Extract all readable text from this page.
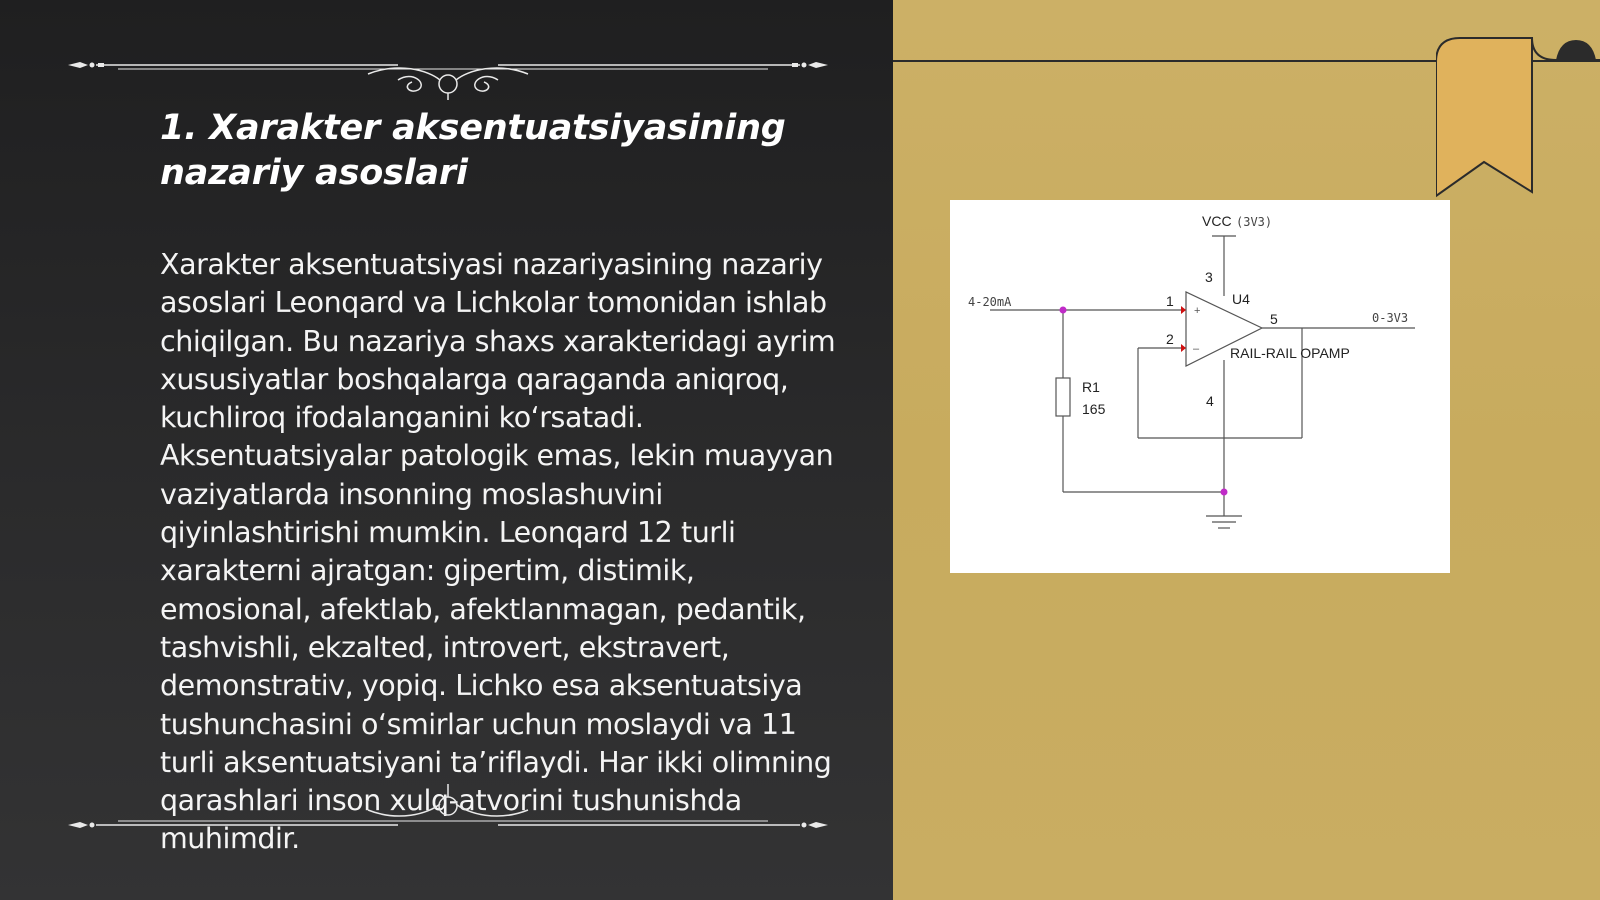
1. Xarakter aksentuatsiyasining nazariy asoslari

Xarakter aksentuatsiyasi nazariyasining nazariy asoslari Leonqard va Lichkolar tomonidan ishlab chiqilgan. Bu nazariya shaxs xarakteridagi ayrim xususiyatlar boshqalarga qaraganda aniqroq, kuchliroq ifodalanganini koʻrsatadi. Aksentuatsiyalar patologik emas, lekin muayyan vaziyatlarda insonning moslashuvini qiyinlashtirishi mumkin. Leonqard 12 turli xarakterni ajratgan: gipertim, distimik, emosional, afektlab, afektlanmagan, pedantik, tashvishli, ekzalted, introvert, ekstravert, demonstrativ, yopiq. Lichko esa aksentuatsiya tushunchasini oʻsmirlar uchun moslaydi va 11 turli aksentuatsiyani ta’riflaydi. Har ikki olimning qarashlari inson xulq-atvorini tushunishda muhimdir.

VCC (3V3)
3
U4
1
2
+
–
5
RAIL-RAIL OPAMP
4
R1
165
4-20mA
0-3V3
